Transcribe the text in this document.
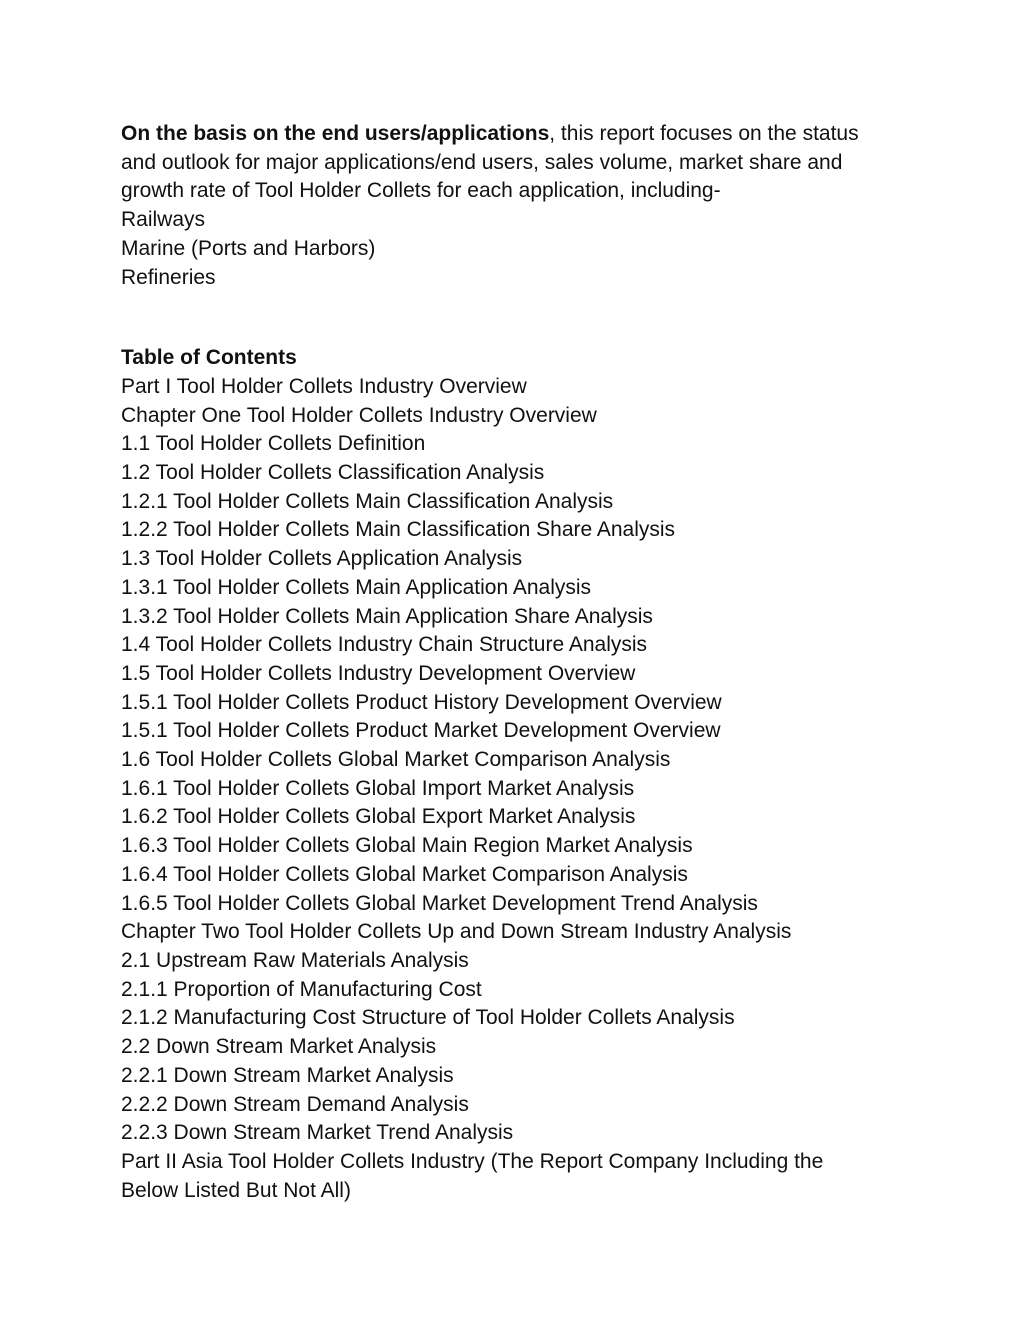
On the basis on the end users/applications, this report focuses on the status and outlook for major applications/end users, sales volume, market share and growth rate of Tool Holder Collets for each application, including-

Railways
Marine (Ports and Harbors)
Refineries
Table of Contents
Part I Tool Holder Collets Industry Overview
Chapter One Tool Holder Collets Industry Overview
1.1 Tool Holder Collets Definition
1.2 Tool Holder Collets Classification Analysis
1.2.1 Tool Holder Collets Main Classification Analysis
1.2.2 Tool Holder Collets Main Classification Share Analysis
1.3 Tool Holder Collets Application Analysis
1.3.1 Tool Holder Collets Main Application Analysis
1.3.2 Tool Holder Collets Main Application Share Analysis
1.4 Tool Holder Collets Industry Chain Structure Analysis
1.5 Tool Holder Collets Industry Development Overview
1.5.1 Tool Holder Collets Product History Development Overview
1.5.1 Tool Holder Collets Product Market Development Overview
1.6 Tool Holder Collets Global Market Comparison Analysis
1.6.1 Tool Holder Collets Global Import Market Analysis
1.6.2 Tool Holder Collets Global Export Market Analysis
1.6.3 Tool Holder Collets Global Main Region Market Analysis
1.6.4 Tool Holder Collets Global Market Comparison Analysis
1.6.5 Tool Holder Collets Global Market Development Trend Analysis
Chapter Two Tool Holder Collets Up and Down Stream Industry Analysis
2.1 Upstream Raw Materials Analysis
2.1.1 Proportion of Manufacturing Cost
2.1.2 Manufacturing Cost Structure of Tool Holder Collets Analysis
2.2 Down Stream Market Analysis
2.2.1 Down Stream Market Analysis
2.2.2 Down Stream Demand Analysis
2.2.3 Down Stream Market Trend Analysis
Part II Asia Tool Holder Collets Industry (The Report Company Including the Below Listed But Not All)
